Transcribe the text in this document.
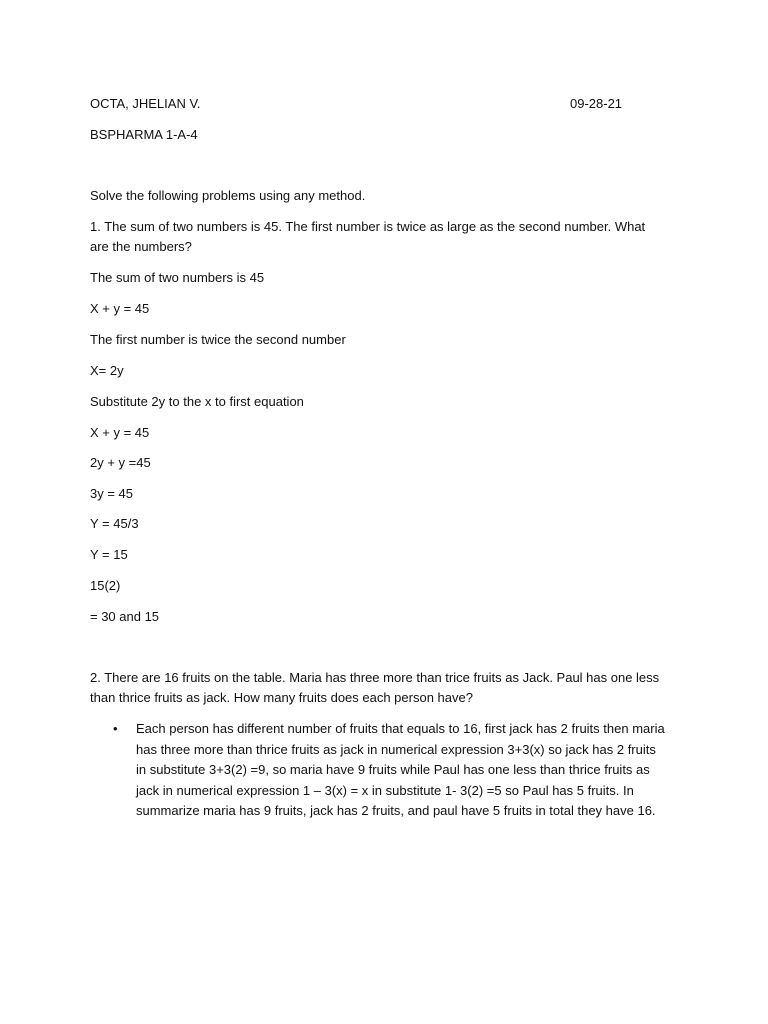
OCTA, JHELIAN V.	09-28-21
BSPHARMA 1-A-4
Solve the following problems using any method.
1. The sum of two numbers is 45. The first number is twice as large as the second number. What are the numbers?
The sum of two numbers is 45
X + y = 45
The first number is twice the second number
X= 2y
Substitute 2y to the x to first equation
X + y = 45
2y + y =45
3y = 45
Y = 45/3
Y = 15
15(2)
= 30 and 15
2. There are 16 fruits on the table. Maria has three more than trice fruits as Jack. Paul has one less than thrice fruits as jack. How many fruits does each person have?
• Each person has different number of fruits that equals to 16, first jack has 2 fruits then maria has three more than thrice fruits as jack in numerical expression 3+3(x) so jack has 2 fruits in substitute 3+3(2) =9, so maria have 9 fruits while Paul has one less than thrice fruits as jack in numerical expression 1 – 3(x) = x in substitute 1- 3(2) =5 so Paul has 5 fruits. In summarize maria has 9 fruits, jack has 2 fruits, and paul have 5 fruits in total they have 16.
